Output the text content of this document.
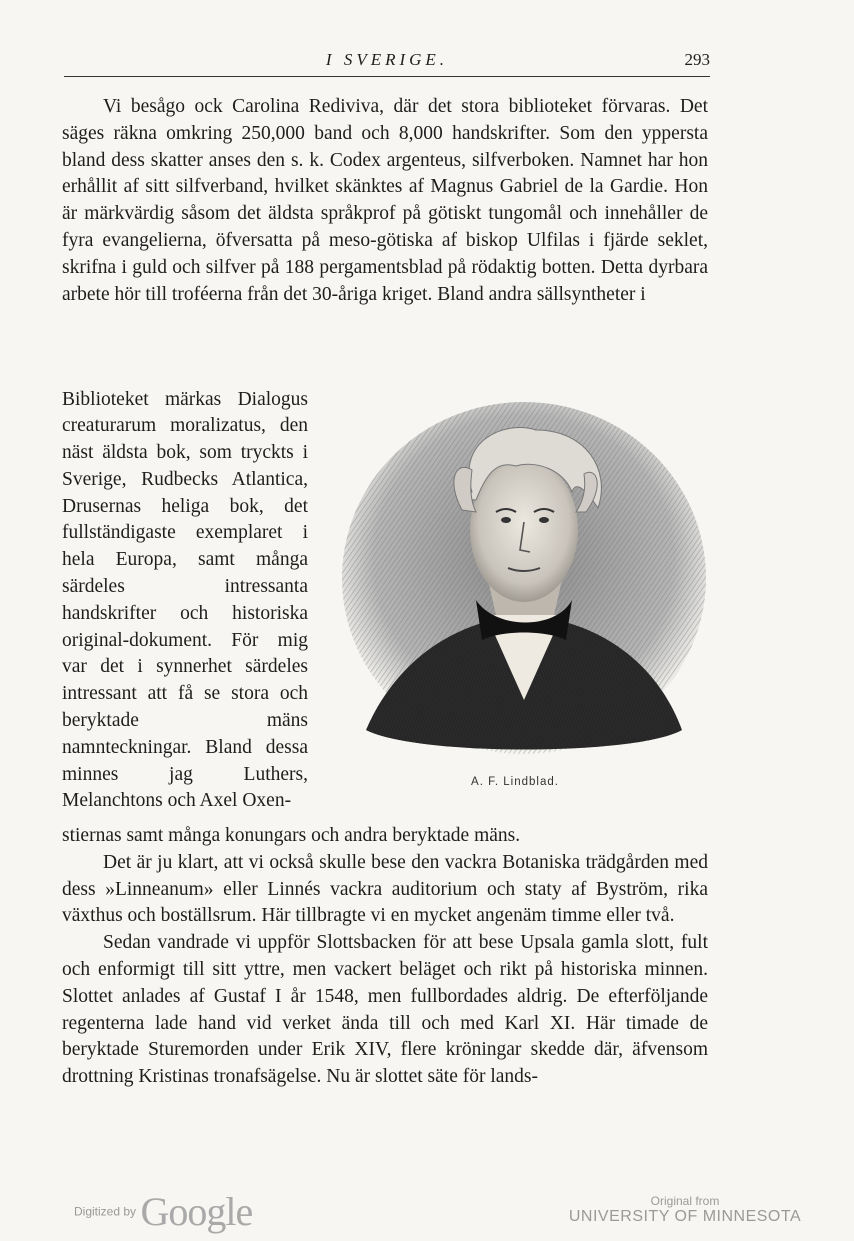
I SVERIGE.	293

Vi besågo ock Carolina Rediviva, där det stora biblioteket förvaras. Det säges räkna omkring 250,000 band och 8,000 handskrifter. Som den yppersta bland dess skatter anses den s. k. Codex argenteus, silfverboken. Namnet har hon erhållit af sitt silfverband, hvilket skänktes af Magnus Gabriel de la Gardie. Hon är märkvärdig såsom det äldsta språkprof på götiskt tungomål och innehåller de fyra evangelierna, öfversatta på meso-götiska af biskop Ulfilas i fjärde seklet, skrifna i guld och silfver på 188 pergamentsblad på rödaktig botten. Detta dyrbara arbete hör till troféerna från det 30-åriga kriget. Bland andra sällsyntheter i

Biblioteket märkas Dialogus creaturarum moralizatus, den näst äldsta bok, som tryckts i Sverige, Rudbecks Atlantica, Drusernas heliga bok, det fullständigaste exemplaret i hela Europa, samt många särdeles intressanta handskrifter och historiska original-dokument. För mig var det i synnerhet särdeles intressant att få se stora och beryktade mäns namnteckningar. Bland dessa minnes jag Luthers, Melanchtons och Axel Oxen-

A. F. Lindblad.

stiernas samt många konungars och andra beryktade mäns.

Det är ju klart, att vi också skulle bese den vackra Botaniska trädgården med dess »Linneanum» eller Linnés vackra auditorium och staty af Byström, rika växthus och boställsrum. Här tillbragte vi en mycket angenäm timme eller två.

Sedan vandrade vi uppför Slottsbacken för att bese Upsala gamla slott, fult och enformigt till sitt yttre, men vackert beläget och rikt på historiska minnen. Slottet anlades af Gustaf I år 1548, men fullbordades aldrig. De efterföljande regenterna lade hand vid verket ända till och med Karl XI. Här timade de beryktade Sturemorden under Erik XIV, flere kröningar skedde där, äfvensom drottning Kristinas tronafsägelse. Nu är slottet säte för lands-

Digitized by Google	Original from
UNIVERSITY OF MINNESOTA
